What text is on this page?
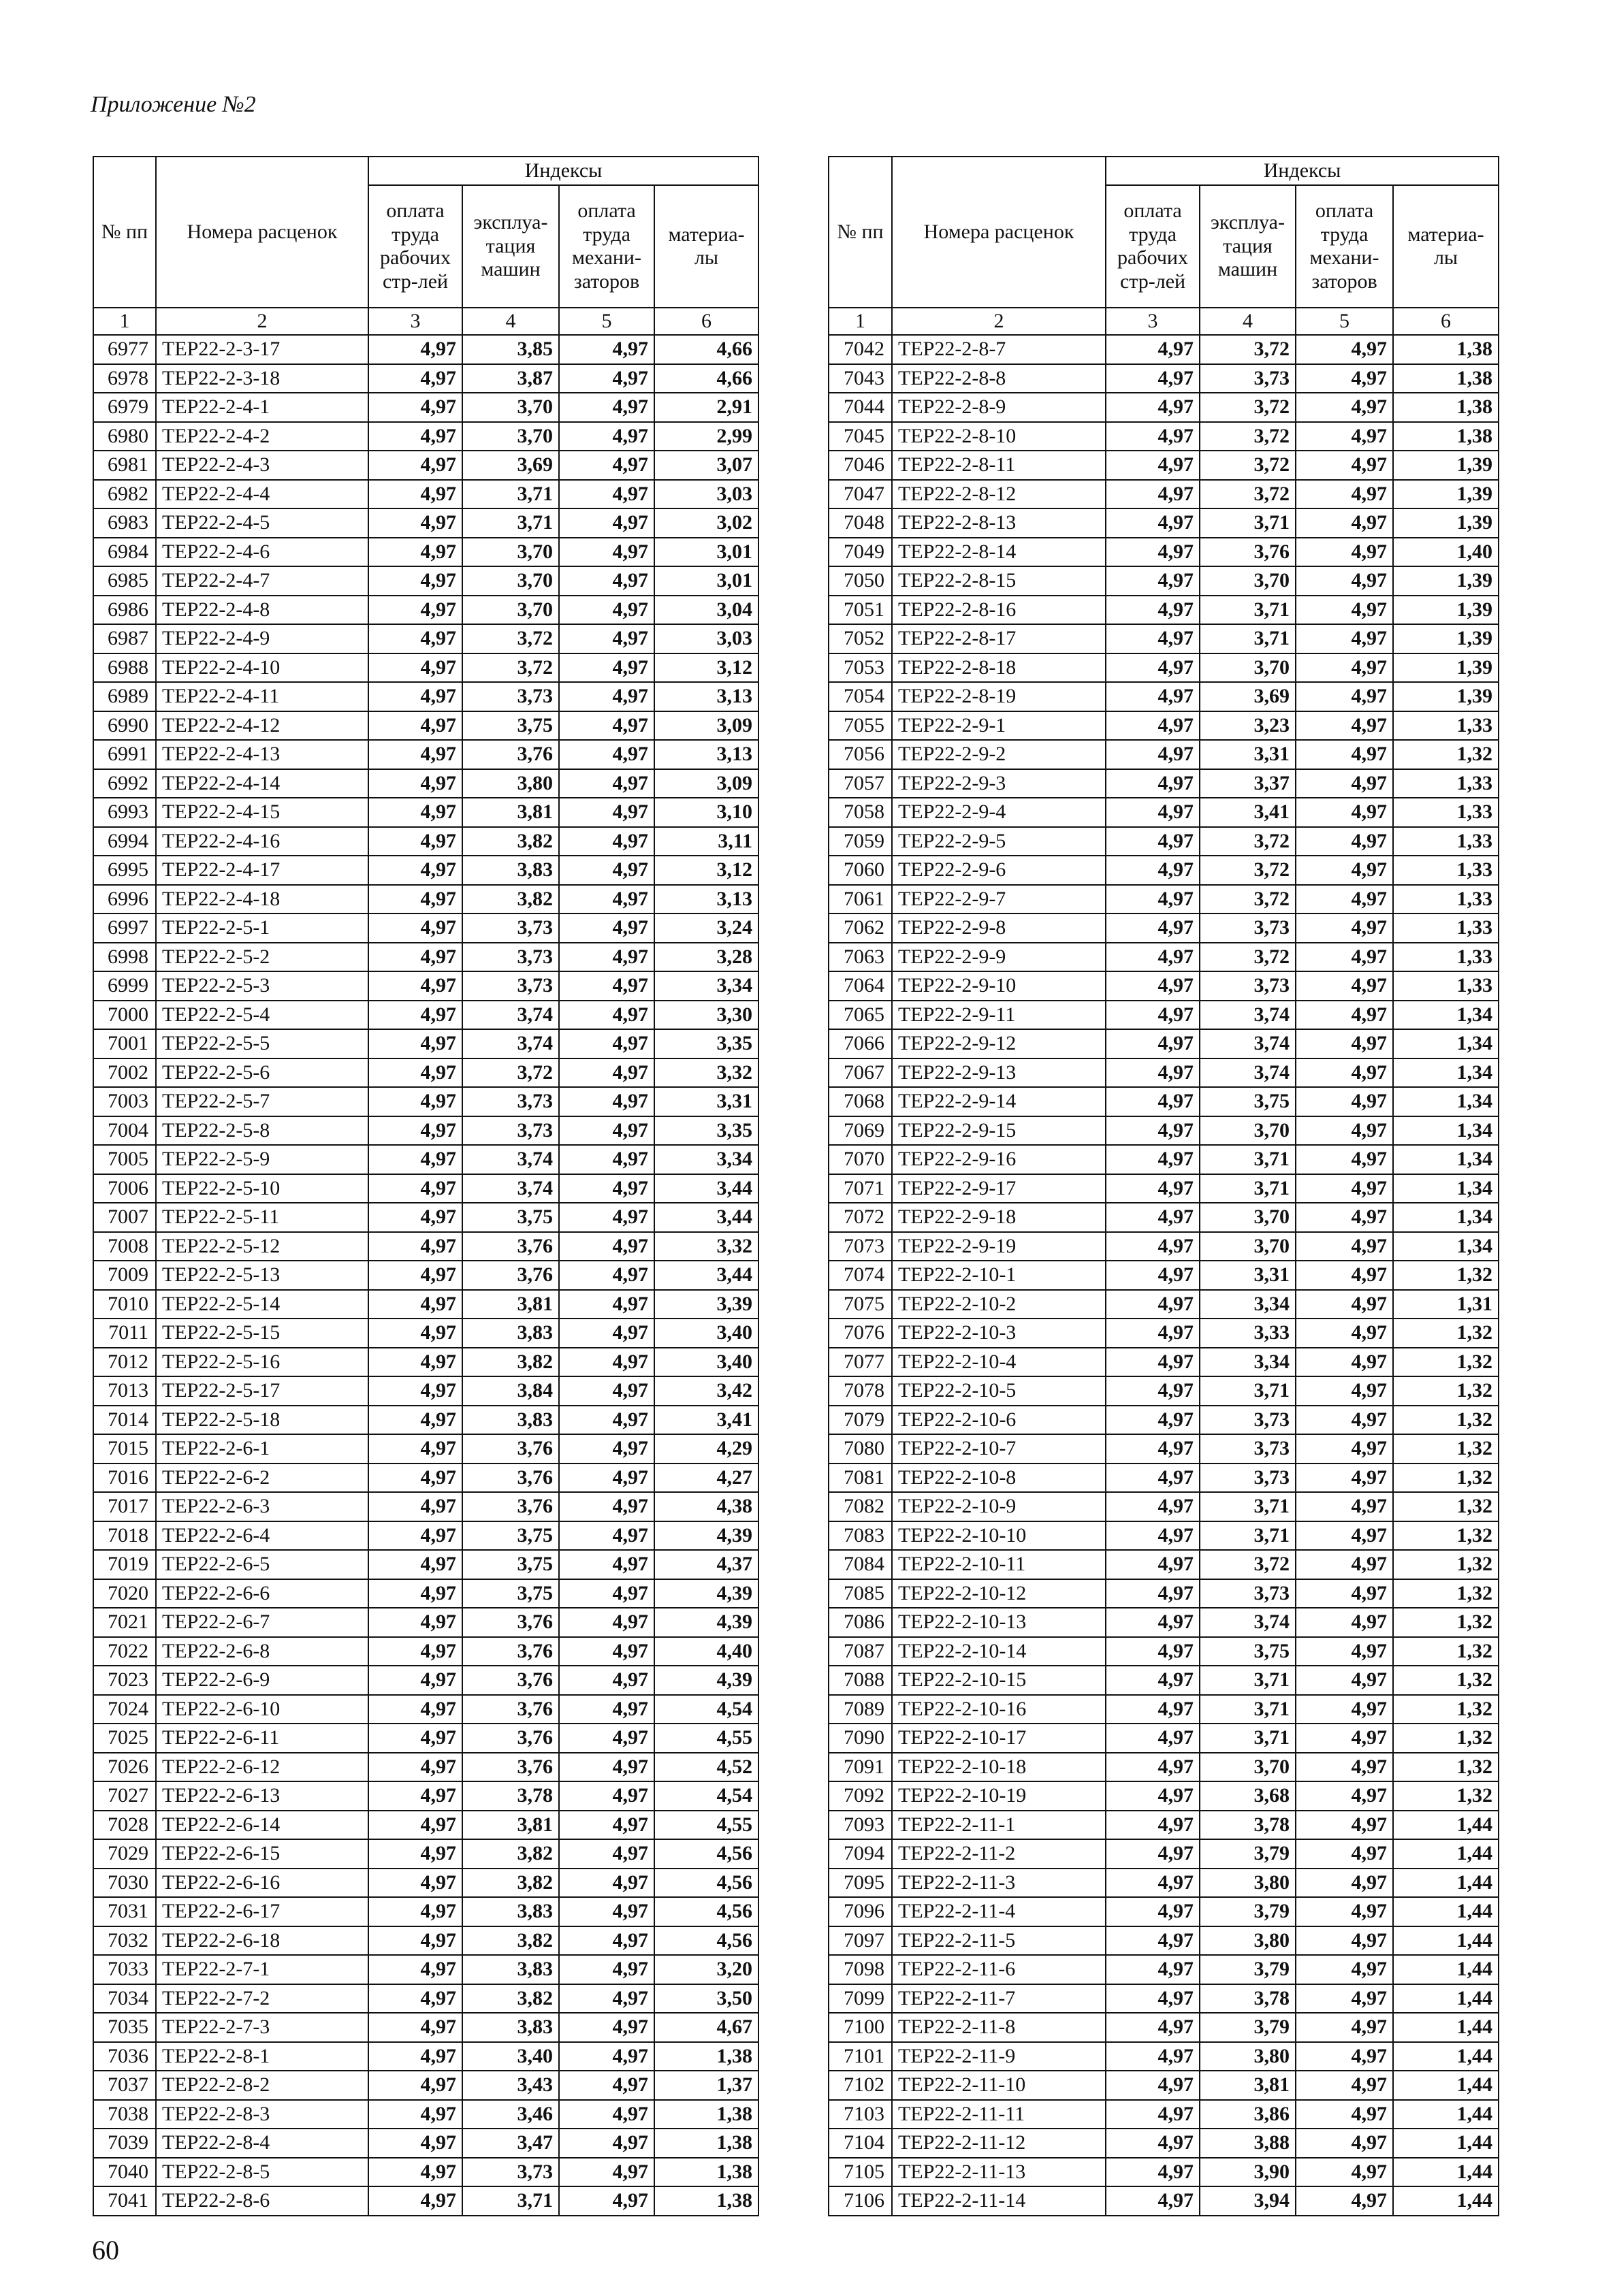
Приложение №2
№ пп	Номера расценок	Индексы			
		оплата труда рабочих стр-лей	эксплуа-тация машин	оплата труда механи-заторов	материа-лы
1	2	3	4	5	6
6977	ТЕР22-2-3-17	4,97	3,85	4,97	4,66
6978	ТЕР22-2-3-18	4,97	3,87	4,97	4,66
6979	ТЕР22-2-4-1	4,97	3,70	4,97	2,91
6980	ТЕР22-2-4-2	4,97	3,70	4,97	2,99
6981	ТЕР22-2-4-3	4,97	3,69	4,97	3,07
6982	ТЕР22-2-4-4	4,97	3,71	4,97	3,03
6983	ТЕР22-2-4-5	4,97	3,71	4,97	3,02
6984	ТЕР22-2-4-6	4,97	3,70	4,97	3,01
6985	ТЕР22-2-4-7	4,97	3,70	4,97	3,01
6986	ТЕР22-2-4-8	4,97	3,70	4,97	3,04
6987	ТЕР22-2-4-9	4,97	3,72	4,97	3,03
6988	ТЕР22-2-4-10	4,97	3,72	4,97	3,12
6989	ТЕР22-2-4-11	4,97	3,73	4,97	3,13
6990	ТЕР22-2-4-12	4,97	3,75	4,97	3,09
6991	ТЕР22-2-4-13	4,97	3,76	4,97	3,13
6992	ТЕР22-2-4-14	4,97	3,80	4,97	3,09
6993	ТЕР22-2-4-15	4,97	3,81	4,97	3,10
6994	ТЕР22-2-4-16	4,97	3,82	4,97	3,11
6995	ТЕР22-2-4-17	4,97	3,83	4,97	3,12
6996	ТЕР22-2-4-18	4,97	3,82	4,97	3,13
6997	ТЕР22-2-5-1	4,97	3,73	4,97	3,24
6998	ТЕР22-2-5-2	4,97	3,73	4,97	3,28
6999	ТЕР22-2-5-3	4,97	3,73	4,97	3,34
7000	ТЕР22-2-5-4	4,97	3,74	4,97	3,30
7001	ТЕР22-2-5-5	4,97	3,74	4,97	3,35
7002	ТЕР22-2-5-6	4,97	3,72	4,97	3,32
7003	ТЕР22-2-5-7	4,97	3,73	4,97	3,31
7004	ТЕР22-2-5-8	4,97	3,73	4,97	3,35
7005	ТЕР22-2-5-9	4,97	3,74	4,97	3,34
7006	ТЕР22-2-5-10	4,97	3,74	4,97	3,44
7007	ТЕР22-2-5-11	4,97	3,75	4,97	3,44
7008	ТЕР22-2-5-12	4,97	3,76	4,97	3,32
7009	ТЕР22-2-5-13	4,97	3,76	4,97	3,44
7010	ТЕР22-2-5-14	4,97	3,81	4,97	3,39
7011	ТЕР22-2-5-15	4,97	3,83	4,97	3,40
7012	ТЕР22-2-5-16	4,97	3,82	4,97	3,40
7013	ТЕР22-2-5-17	4,97	3,84	4,97	3,42
7014	ТЕР22-2-5-18	4,97	3,83	4,97	3,41
7015	ТЕР22-2-6-1	4,97	3,76	4,97	4,29
7016	ТЕР22-2-6-2	4,97	3,76	4,97	4,27
7017	ТЕР22-2-6-3	4,97	3,76	4,97	4,38
7018	ТЕР22-2-6-4	4,97	3,75	4,97	4,39
7019	ТЕР22-2-6-5	4,97	3,75	4,97	4,37
7020	ТЕР22-2-6-6	4,97	3,75	4,97	4,39
7021	ТЕР22-2-6-7	4,97	3,76	4,97	4,39
7022	ТЕР22-2-6-8	4,97	3,76	4,97	4,40
7023	ТЕР22-2-6-9	4,97	3,76	4,97	4,39
7024	ТЕР22-2-6-10	4,97	3,76	4,97	4,54
7025	ТЕР22-2-6-11	4,97	3,76	4,97	4,55
7026	ТЕР22-2-6-12	4,97	3,76	4,97	4,52
7027	ТЕР22-2-6-13	4,97	3,78	4,97	4,54
7028	ТЕР22-2-6-14	4,97	3,81	4,97	4,55
7029	ТЕР22-2-6-15	4,97	3,82	4,97	4,56
7030	ТЕР22-2-6-16	4,97	3,82	4,97	4,56
7031	ТЕР22-2-6-17	4,97	3,83	4,97	4,56
7032	ТЕР22-2-6-18	4,97	3,82	4,97	4,56
7033	ТЕР22-2-7-1	4,97	3,83	4,97	3,20
7034	ТЕР22-2-7-2	4,97	3,82	4,97	3,50
7035	ТЕР22-2-7-3	4,97	3,83	4,97	4,67
7036	ТЕР22-2-8-1	4,97	3,40	4,97	1,38
7037	ТЕР22-2-8-2	4,97	3,43	4,97	1,37
7038	ТЕР22-2-8-3	4,97	3,46	4,97	1,38
7039	ТЕР22-2-8-4	4,97	3,47	4,97	1,38
7040	ТЕР22-2-8-5	4,97	3,73	4,97	1,38
7041	ТЕР22-2-8-6	4,97	3,71	4,97	1,38
№ пп	Номера расценок	Индексы			
		оплата труда рабочих стр-лей	эксплуа-тация машин	оплата труда механи-заторов	материа-лы
1	2	3	4	5	6
7042	ТЕР22-2-8-7	4,97	3,72	4,97	1,38
7043	ТЕР22-2-8-8	4,97	3,73	4,97	1,38
7044	ТЕР22-2-8-9	4,97	3,72	4,97	1,38
7045	ТЕР22-2-8-10	4,97	3,72	4,97	1,38
7046	ТЕР22-2-8-11	4,97	3,72	4,97	1,39
7047	ТЕР22-2-8-12	4,97	3,72	4,97	1,39
7048	ТЕР22-2-8-13	4,97	3,71	4,97	1,39
7049	ТЕР22-2-8-14	4,97	3,76	4,97	1,40
7050	ТЕР22-2-8-15	4,97	3,70	4,97	1,39
7051	ТЕР22-2-8-16	4,97	3,71	4,97	1,39
7052	ТЕР22-2-8-17	4,97	3,71	4,97	1,39
7053	ТЕР22-2-8-18	4,97	3,70	4,97	1,39
7054	ТЕР22-2-8-19	4,97	3,69	4,97	1,39
7055	ТЕР22-2-9-1	4,97	3,23	4,97	1,33
7056	ТЕР22-2-9-2	4,97	3,31	4,97	1,32
7057	ТЕР22-2-9-3	4,97	3,37	4,97	1,33
7058	ТЕР22-2-9-4	4,97	3,41	4,97	1,33
7059	ТЕР22-2-9-5	4,97	3,72	4,97	1,33
7060	ТЕР22-2-9-6	4,97	3,72	4,97	1,33
7061	ТЕР22-2-9-7	4,97	3,72	4,97	1,33
7062	ТЕР22-2-9-8	4,97	3,73	4,97	1,33
7063	ТЕР22-2-9-9	4,97	3,72	4,97	1,33
7064	ТЕР22-2-9-10	4,97	3,73	4,97	1,33
7065	ТЕР22-2-9-11	4,97	3,74	4,97	1,34
7066	ТЕР22-2-9-12	4,97	3,74	4,97	1,34
7067	ТЕР22-2-9-13	4,97	3,74	4,97	1,34
7068	ТЕР22-2-9-14	4,97	3,75	4,97	1,34
7069	ТЕР22-2-9-15	4,97	3,70	4,97	1,34
7070	ТЕР22-2-9-16	4,97	3,71	4,97	1,34
7071	ТЕР22-2-9-17	4,97	3,71	4,97	1,34
7072	ТЕР22-2-9-18	4,97	3,70	4,97	1,34
7073	ТЕР22-2-9-19	4,97	3,70	4,97	1,34
7074	ТЕР22-2-10-1	4,97	3,31	4,97	1,32
7075	ТЕР22-2-10-2	4,97	3,34	4,97	1,31
7076	ТЕР22-2-10-3	4,97	3,33	4,97	1,32
7077	ТЕР22-2-10-4	4,97	3,34	4,97	1,32
7078	ТЕР22-2-10-5	4,97	3,71	4,97	1,32
7079	ТЕР22-2-10-6	4,97	3,73	4,97	1,32
7080	ТЕР22-2-10-7	4,97	3,73	4,97	1,32
7081	ТЕР22-2-10-8	4,97	3,73	4,97	1,32
7082	ТЕР22-2-10-9	4,97	3,71	4,97	1,32
7083	ТЕР22-2-10-10	4,97	3,71	4,97	1,32
7084	ТЕР22-2-10-11	4,97	3,72	4,97	1,32
7085	ТЕР22-2-10-12	4,97	3,73	4,97	1,32
7086	ТЕР22-2-10-13	4,97	3,74	4,97	1,32
7087	ТЕР22-2-10-14	4,97	3,75	4,97	1,32
7088	ТЕР22-2-10-15	4,97	3,71	4,97	1,32
7089	ТЕР22-2-10-16	4,97	3,71	4,97	1,32
7090	ТЕР22-2-10-17	4,97	3,71	4,97	1,32
7091	ТЕР22-2-10-18	4,97	3,70	4,97	1,32
7092	ТЕР22-2-10-19	4,97	3,68	4,97	1,32
7093	ТЕР22-2-11-1	4,97	3,78	4,97	1,44
7094	ТЕР22-2-11-2	4,97	3,79	4,97	1,44
7095	ТЕР22-2-11-3	4,97	3,80	4,97	1,44
7096	ТЕР22-2-11-4	4,97	3,79	4,97	1,44
7097	ТЕР22-2-11-5	4,97	3,80	4,97	1,44
7098	ТЕР22-2-11-6	4,97	3,79	4,97	1,44
7099	ТЕР22-2-11-7	4,97	3,78	4,97	1,44
7100	ТЕР22-2-11-8	4,97	3,79	4,97	1,44
7101	ТЕР22-2-11-9	4,97	3,80	4,97	1,44
7102	ТЕР22-2-11-10	4,97	3,81	4,97	1,44
7103	ТЕР22-2-11-11	4,97	3,86	4,97	1,44
7104	ТЕР22-2-11-12	4,97	3,88	4,97	1,44
7105	ТЕР22-2-11-13	4,97	3,90	4,97	1,44
7106	ТЕР22-2-11-14	4,97	3,94	4,97	1,44
60
